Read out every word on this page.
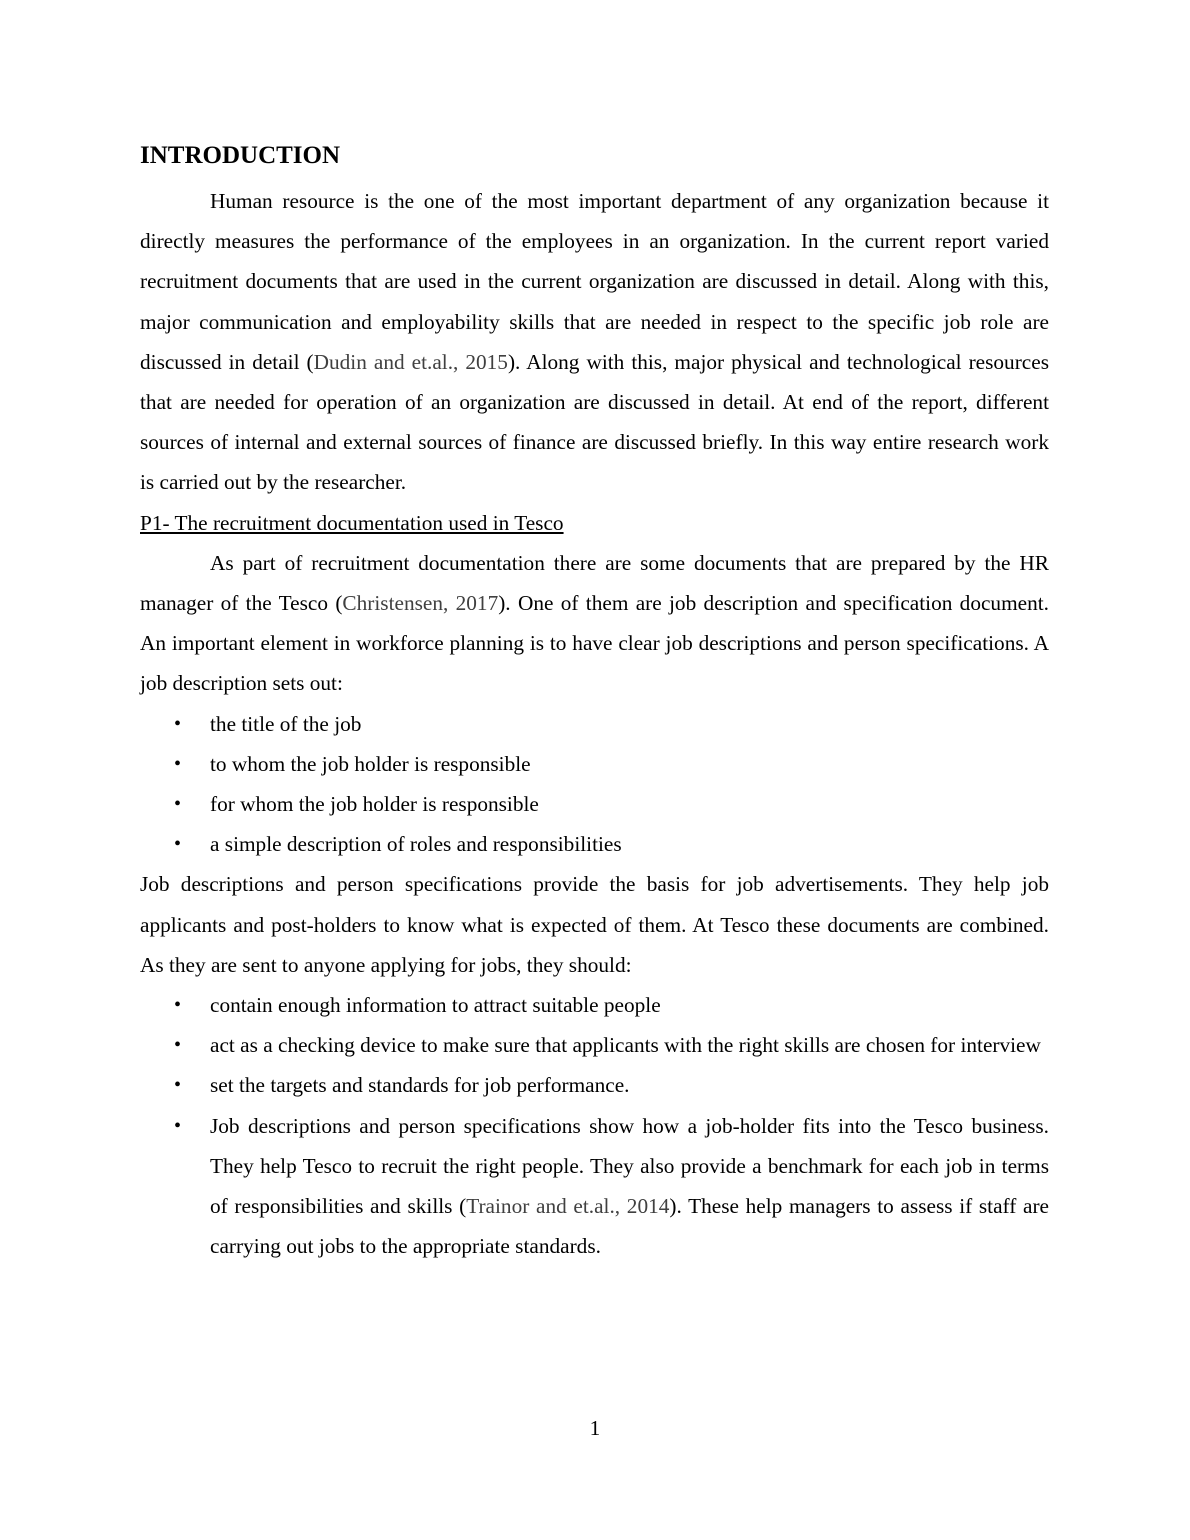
INTRODUCTION

Human resource is the one of the most important department of any organization because it directly measures the performance of the employees in an organization. In the current report varied recruitment documents that are used in the current organization are discussed in detail. Along with this, major communication and employability skills that are needed in respect to the specific job role are discussed in detail (Dudin and et.al., 2015). Along with this, major physical and technological resources that are needed for operation of an organization are discussed in detail. At end of the report, different sources of internal and external sources of finance are discussed briefly. In this way entire research work is carried out by the researcher.

P1- The recruitment documentation used in Tesco

As part of recruitment documentation there are some documents that are prepared by the HR manager of the Tesco (Christensen, 2017). One of them are job description and specification document. An important element in workforce planning is to have clear job descriptions and person specifications. A job description sets out:

• the title of the job
• to whom the job holder is responsible
• for whom the job holder is responsible
• a simple description of roles and responsibilities

Job descriptions and person specifications provide the basis for job advertisements. They help job applicants and post-holders to know what is expected of them. At Tesco these documents are combined. As they are sent to anyone applying for jobs, they should:

• contain enough information to attract suitable people
• act as a checking device to make sure that applicants with the right skills are chosen for interview
• set the targets and standards for job performance.
• Job descriptions and person specifications show how a job-holder fits into the Tesco business. They help Tesco to recruit the right people. They also provide a benchmark for each job in terms of responsibilities and skills (Trainor and et.al., 2014). These help managers to assess if staff are carrying out jobs to the appropriate standards.
1
